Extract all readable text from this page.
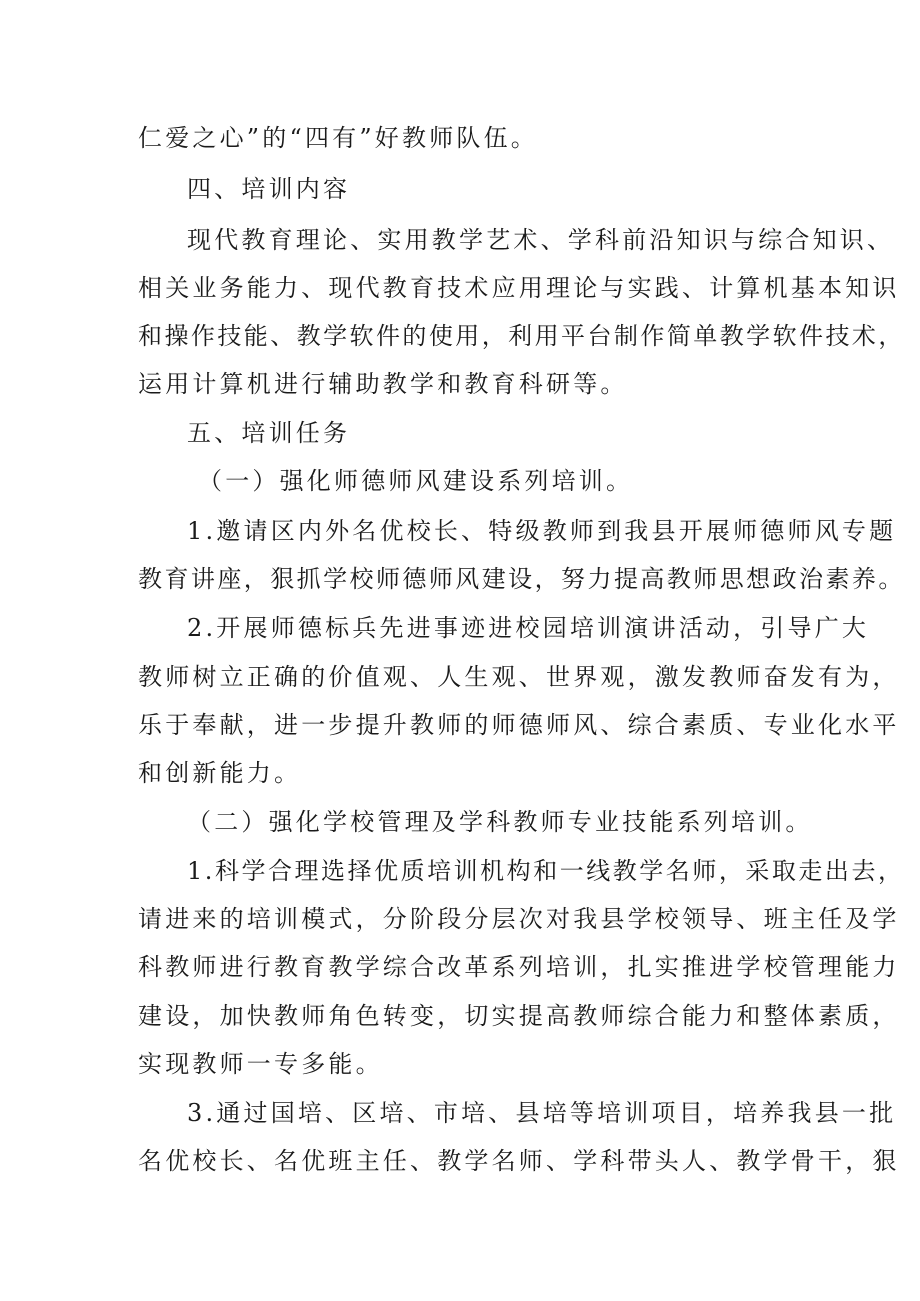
仁爱之心”的“四有”好教师队伍。
四、培训内容
现代教育理论、实用教学艺术、学科前沿知识与综合知识、
相关业务能力、现代教育技术应用理论与实践、计算机基本知识
和操作技能、教学软件的使用，利用平台制作简单教学软件技术，
运用计算机进行辅助教学和教育科研等。
五、培训任务
（一）强化师德师风建设系列培训。
1.邀请区内外名优校长、特级教师到我县开展师德师风专题
教育讲座，狠抓学校师德师风建设，努力提高教师思想政治素养。
2.开展师德标兵先进事迹进校园培训演讲活动，引导广大
教师树立正确的价值观、人生观、世界观，激发教师奋发有为，
乐于奉献，进一步提升教师的师德师风、综合素质、专业化水平
和创新能力。
（二）强化学校管理及学科教师专业技能系列培训。
1.科学合理选择优质培训机构和一线教学名师，采取走出去，
请进来的培训模式，分阶段分层次对我县学校领导、班主任及学
科教师进行教育教学综合改革系列培训，扎实推进学校管理能力
建设，加快教师角色转变，切实提高教师综合能力和整体素质，
实现教师一专多能。
3.通过国培、区培、市培、县培等培训项目，培养我县一批
名优校长、名优班主任、教学名师、学科带头人、教学骨干，狠
